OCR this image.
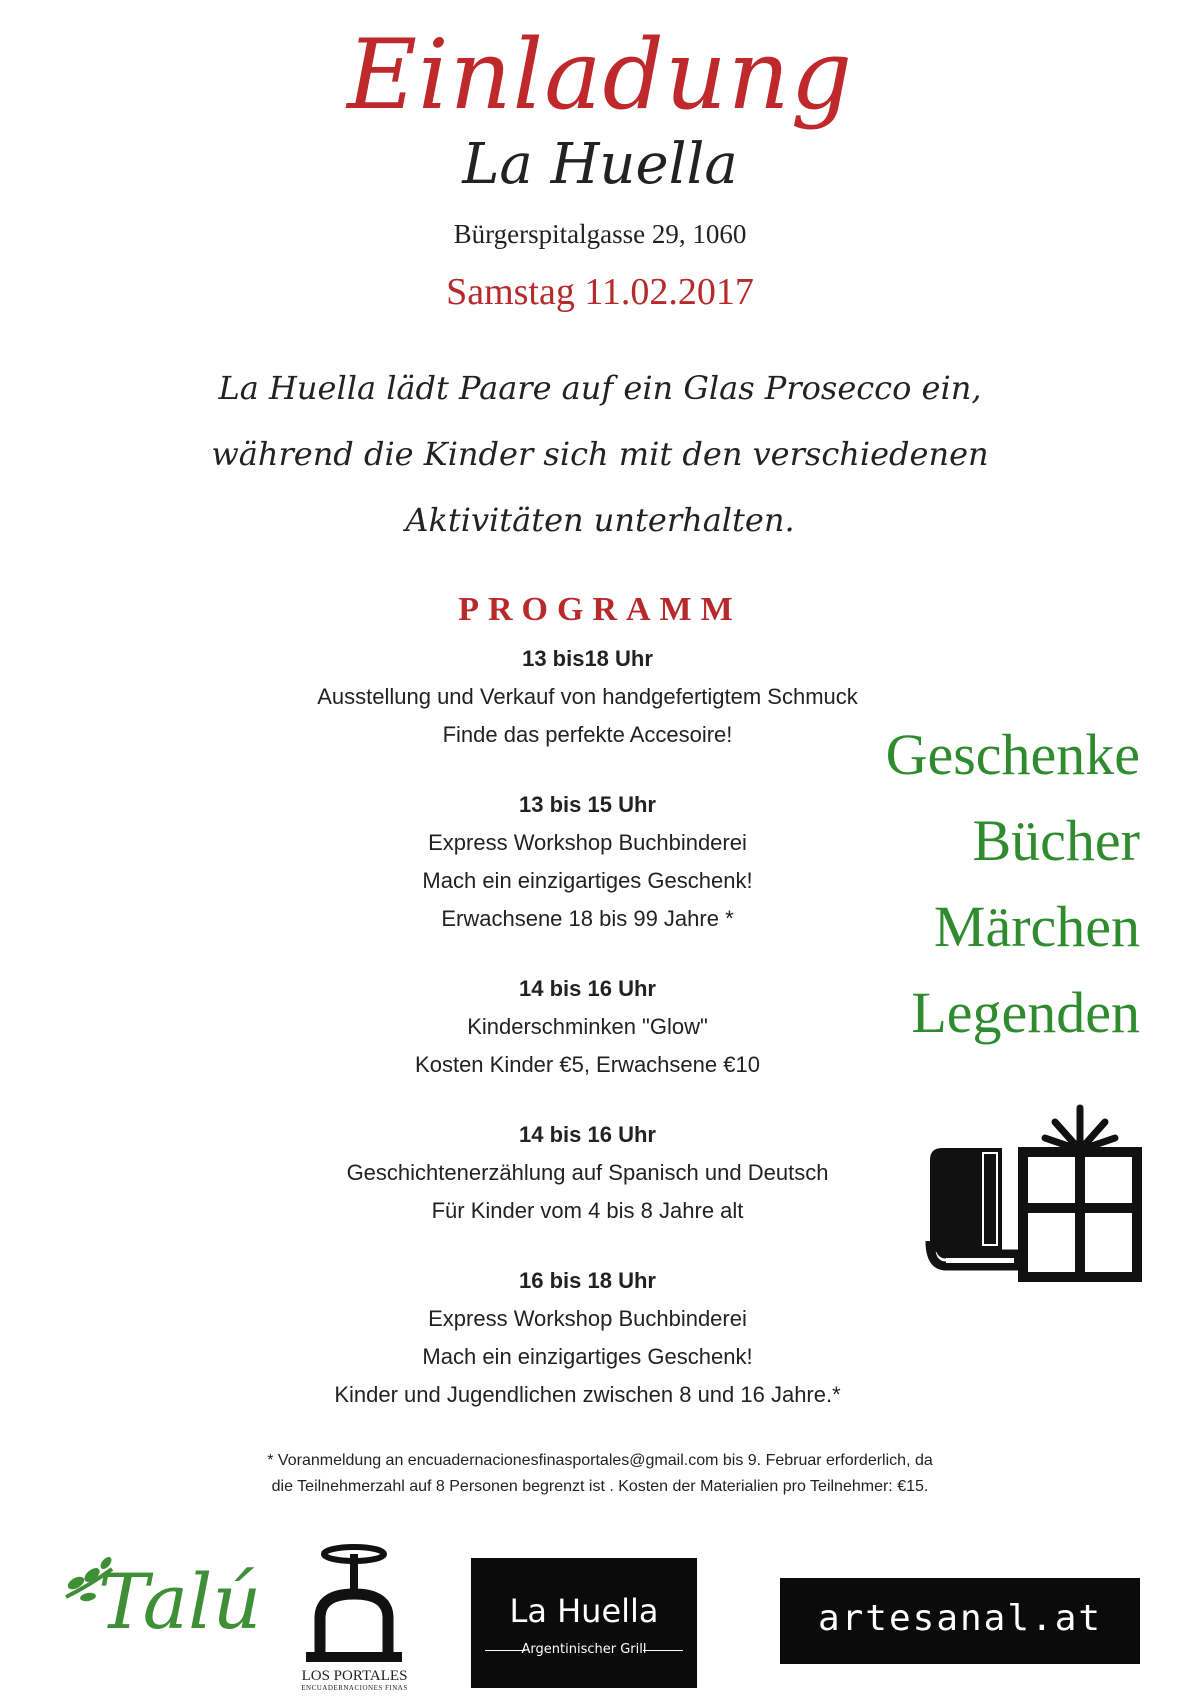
Einladung
La Huella
Bürgerspitalgasse 29, 1060
Samstag 11.02.2017
La Huella lädt Paare auf ein Glas Prosecco ein,
während die Kinder sich mit den verschiedenen
Aktivitäten unterhalten.
PROGRAMM
13 bis18 Uhr
Ausstellung und Verkauf von handgefertigtem Schmuck
Finde das perfekte Accesoire!
13 bis 15 Uhr
Express Workshop Buchbinderei
Mach ein einzigartiges Geschenk!
Erwachsene 18 bis 99 Jahre *
14 bis 16 Uhr
Kinderschminken "Glow"
Kosten Kinder €5, Erwachsene €10
14 bis 16 Uhr
Geschichtenerzählung auf Spanisch und Deutsch
Für Kinder vom 4 bis 8 Jahre alt
16 bis 18 Uhr
Express Workshop Buchbinderei
Mach ein einzigartiges Geschenk!
Kinder und Jugendlichen zwischen 8 und 16 Jahre.*
Geschenke
Bücher
Märchen
Legenden
* Voranmeldung an encuadernacionesfinasportales@gmail.com bis 9. Februar erforderlich, da
die Teilnehmerzahl auf 8 Personen begrenzt ist . Kosten der Materialien pro Teilnehmer: €15.
Talú
LOS PORTALES
ENCUADERNACIONES FINAS
La Huella
Argentinischer Grill
artesanal.at
